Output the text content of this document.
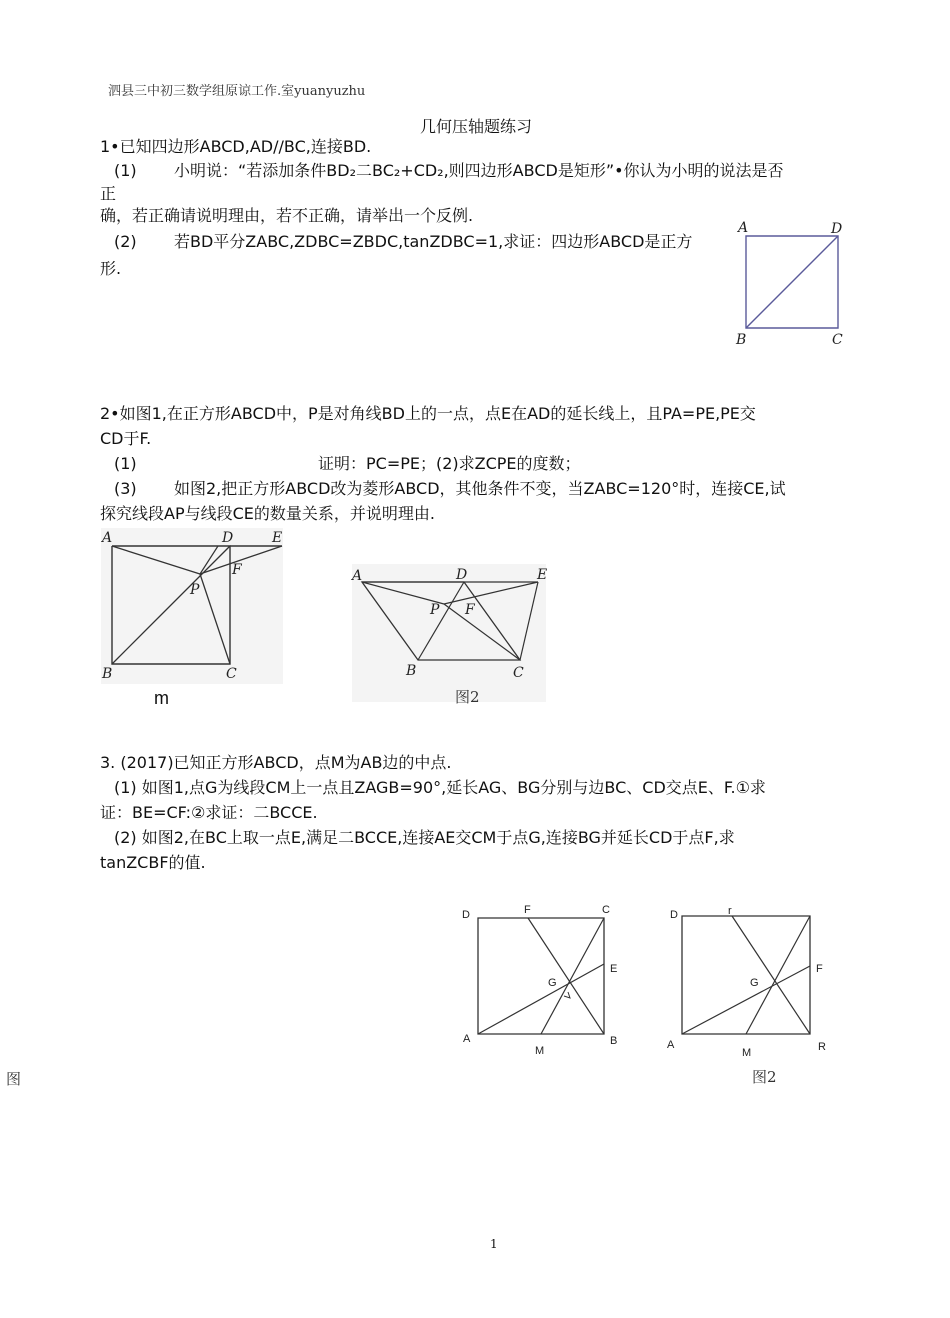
泗县三中初三数学组原谅工作.室yuanyuzhu
几何压轴题练习
1•已知四边形ABCD,AD//BC,连接BD.
(1) 小明说：“若添加条件BD₂二BC₂+CD₂,则四边形ABCD是矩形”•你认为小明的说法是否
正
确，若正确请说明理由，若不正确，请举出一个反例.
(2) 若BD平分ZABC,ZDBC=ZBDC,tanZDBC=1,求证：四边形ABCD是正方
形.
A	D
B	C
2•如图1,在正方形ABCD中，P是对角线BD上的一点，点E在AD的延长线上，且PA=PE,PE交
CD于F.
(1)	证明：PC=PE；(2)求ZCPE的度数；
(3) 如图2,把正方形ABCD改为菱形ABCD，其他条件不变，当ZABC=120°时，连接CE,试
探究线段AP与线段CE的数量关系，并说明理由.
A	D	E
F
P
B	C
m
A	D	E
P F
B	C
图2
3. (2017)已知正方形ABCD，点M为AB边的中点.
(1) 如图1,点G为线段CM上一点且ZAGB=90°,延长AG、BG分别与边BC、CD交点E、F.①求
证：BE=CF:②求证：二BCCE.
(2) 如图2,在BC上取一点E,满足二BCCE,连接AE交CM于点G,连接BG并延长CD于点F,求
tanZCBF的值.
D	F	C
E
G
A	B
M
D	r
F
G
A	R
M
图	图2
1
